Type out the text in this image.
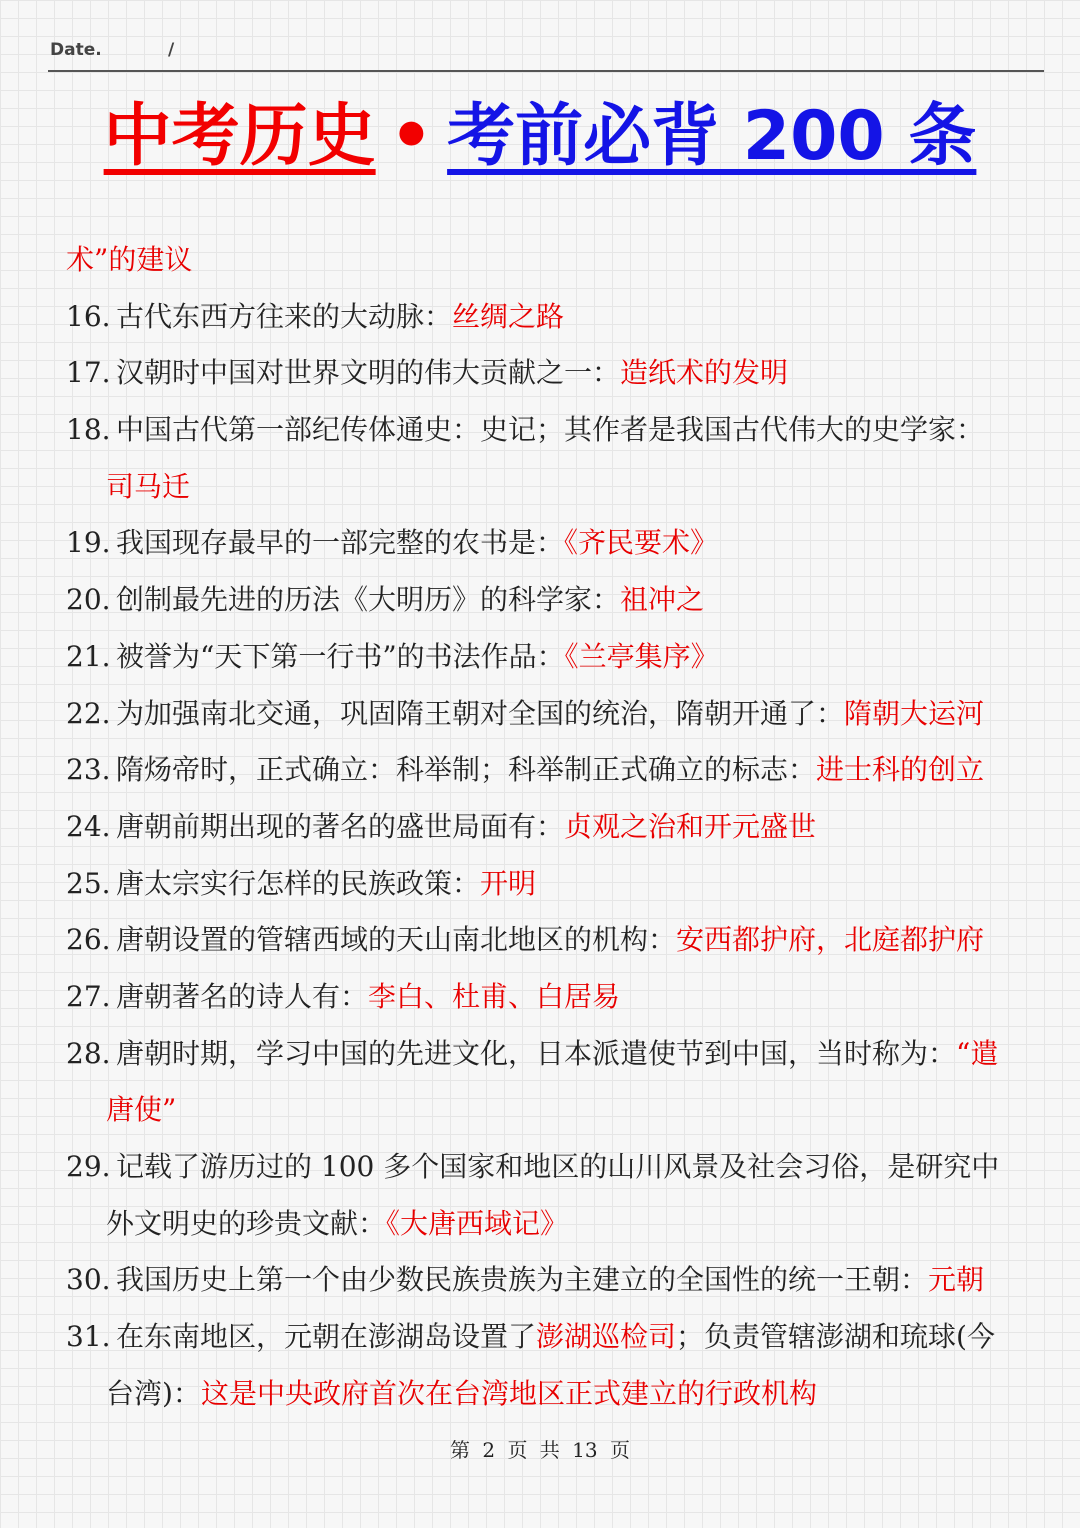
Date.	/
中考历史 • 考前必背 200 条
术”的建议
16. 古代东西方往来的大动脉：丝绸之路
17. 汉朝时中国对世界文明的伟大贡献之一：造纸术的发明
18. 中国古代第一部纪传体通史：史记；其作者是我国古代伟大的史学家：
司马迁
19. 我国现存最早的一部完整的农书是：《齐民要术》
20. 创制最先进的历法《大明历》的科学家：祖冲之
21. 被誉为“天下第一行书”的书法作品：《兰亭集序》
22. 为加强南北交通，巩固隋王朝对全国的统治，隋朝开通了：隋朝大运河
23. 隋炀帝时，正式确立：科举制；科举制正式确立的标志：进士科的创立
24. 唐朝前期出现的著名的盛世局面有：贞观之治和开元盛世
25. 唐太宗实行怎样的民族政策：开明
26. 唐朝设置的管辖西域的天山南北地区的机构：安西都护府，北庭都护府
27. 唐朝著名的诗人有：李白、杜甫、白居易
28. 唐朝时期，学习中国的先进文化，日本派遣使节到中国，当时称为：“遣
唐使”
29. 记载了游历过的 100 多个国家和地区的山川风景及社会习俗，是研究中
外文明史的珍贵文献：《大唐西域记》
30. 我国历史上第一个由少数民族贵族为主建立的全国性的统一王朝：元朝
31. 在东南地区，元朝在澎湖岛设置了澎湖巡检司；负责管辖澎湖和琉球(今
台湾)：这是中央政府首次在台湾地区正式建立的行政机构
第 2 页 共 13 页
